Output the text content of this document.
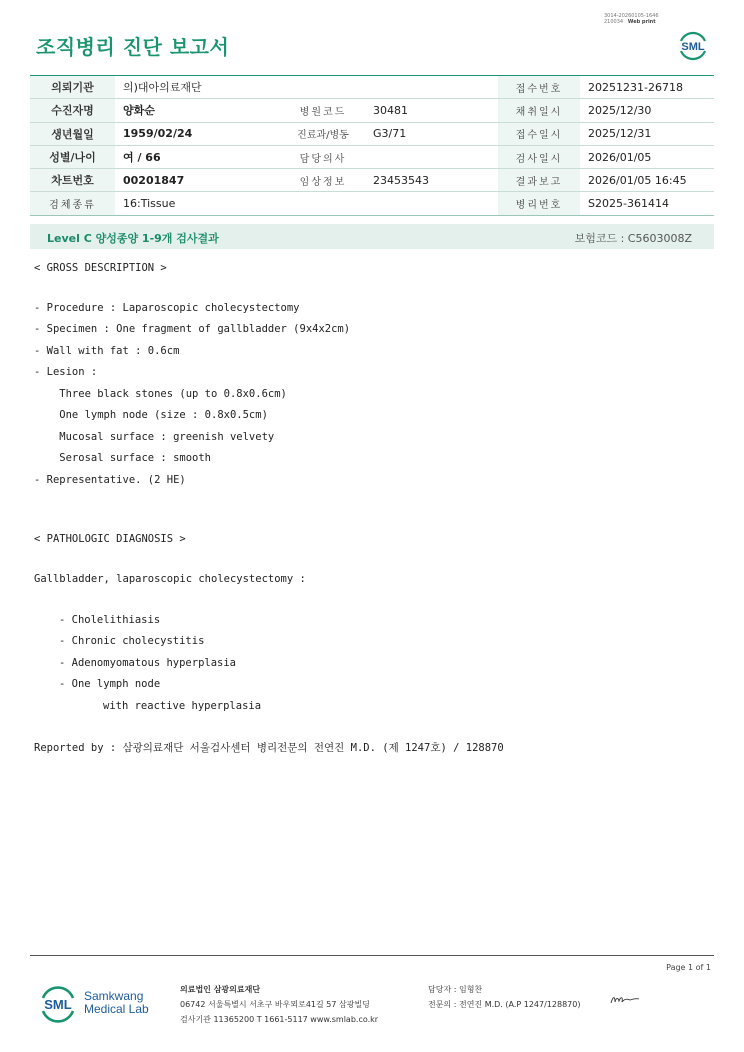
3014-20260105-1646
210034 Web print
조직병리 진단 보고서	SML
의뢰기관	의)대아의료재단			접수번호	20251231-26718
수진자명	양화순	병원코드	30481	채취일시	2025/12/30
생년월일	1959/02/24	진료과/병동	G3/71	접수일시	2025/12/31
성별/나이	여 / 66	담당의사		검사일시	2026/01/05
차트번호	00201847	임상정보	23453543	결과보고	2026/01/05 16:45
검체종류	16:Tissue			병리번호	S2025-361414
Level C 양성종양 1-9개 검사결과	보험코드 : C5603008Z
< GROSS DESCRIPTION >
- Procedure : Laparoscopic cholecystectomy
- Specimen : One fragment of gallbladder (9x4x2cm)
- Wall with fat : 0.6cm
- Lesion :
Three black stones (up to 0.8x0.6cm)
One lymph node (size : 0.8x0.5cm)
Mucosal surface : greenish velvety
Serosal surface : smooth
- Representative. (2 HE)
< PATHOLOGIC DIAGNOSIS >
Gallbladder, laparoscopic cholecystectomy :
- Cholelithiasis
- Chronic cholecystitis
- Adenomyomatous hyperplasia
- One lymph node
with reactive hyperplasia
Reported by : 삼광의료재단 서울검사센터 병리전문의 전연진 M.D. (제 1247호) / 128870
Page 1 of 1
SML
Samkwang
Medical Lab
의료법인 삼광의료재단
06742 서울특별시 서초구 바우뫼로41길 57 삼광빌딩
검사기관 11365200 T 1661-5117 www.smlab.co.kr
담당자 : 임형찬
전문의 : 전연진 M.D. (A.P 1247/128870)
